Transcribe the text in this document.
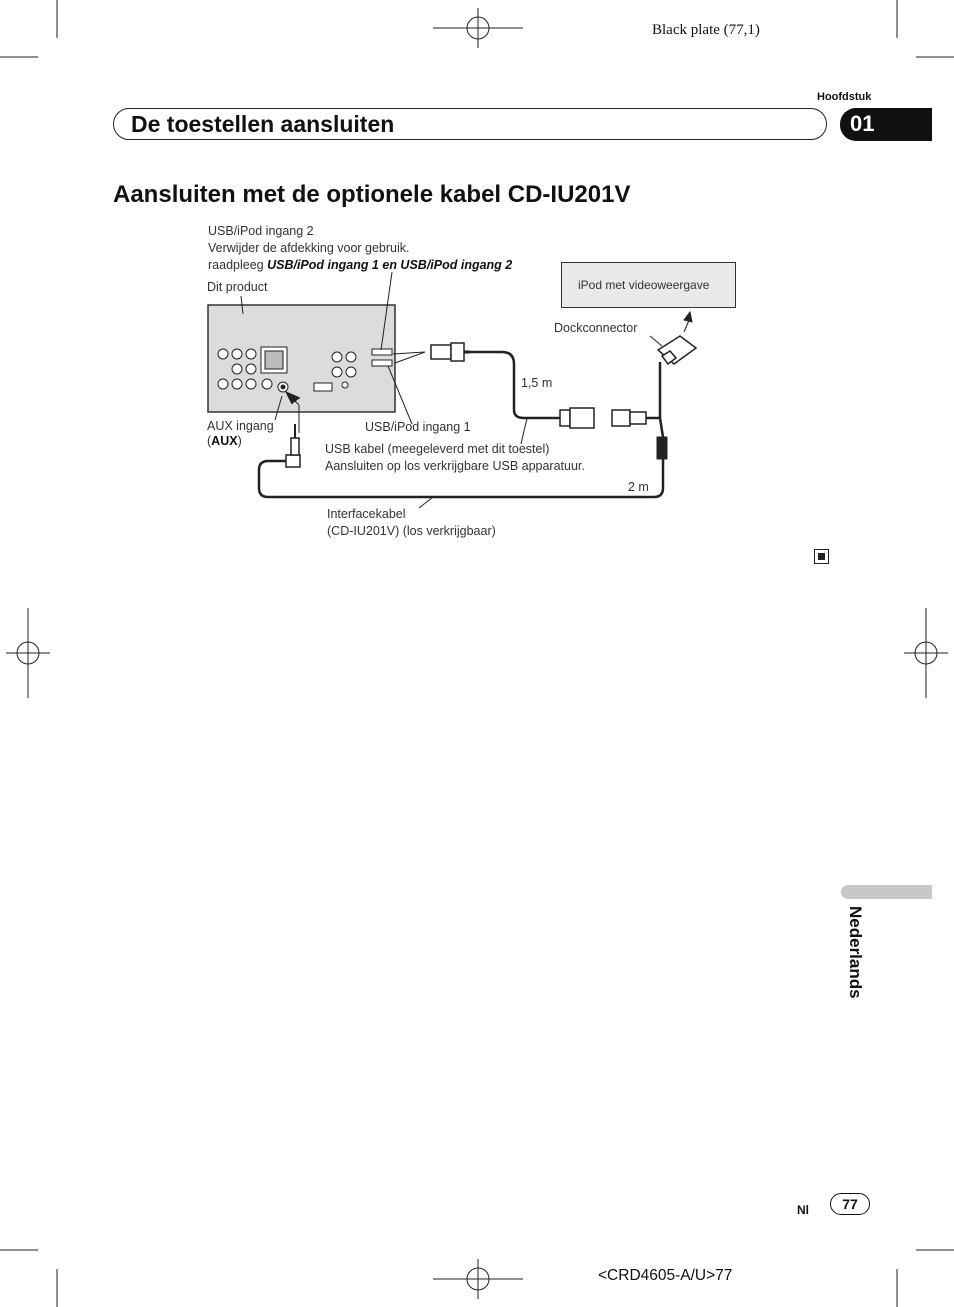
Black plate (77,1)
Hoofdstuk
De toestellen aansluiten	01
Aansluiten met de optionele kabel CD-IU201V
USB/iPod ingang 2
Verwijder de afdekking voor gebruik.
raadpleeg USB/iPod ingang 1 en USB/iPod ingang 2
Dit product	iPod met videoweergave
Dockconnector
1,5 m
2 m
AUX ingang
(AUX)
USB/iPod ingang 1
USB kabel (meegeleverd met dit toestel)
Aansluiten op los verkrijgbare USB apparatuur.
Interfacekabel
(CD-IU201V) (los verkrijgbaar)
Nederlands
Nl	77
<CRD4605-A/U>77
